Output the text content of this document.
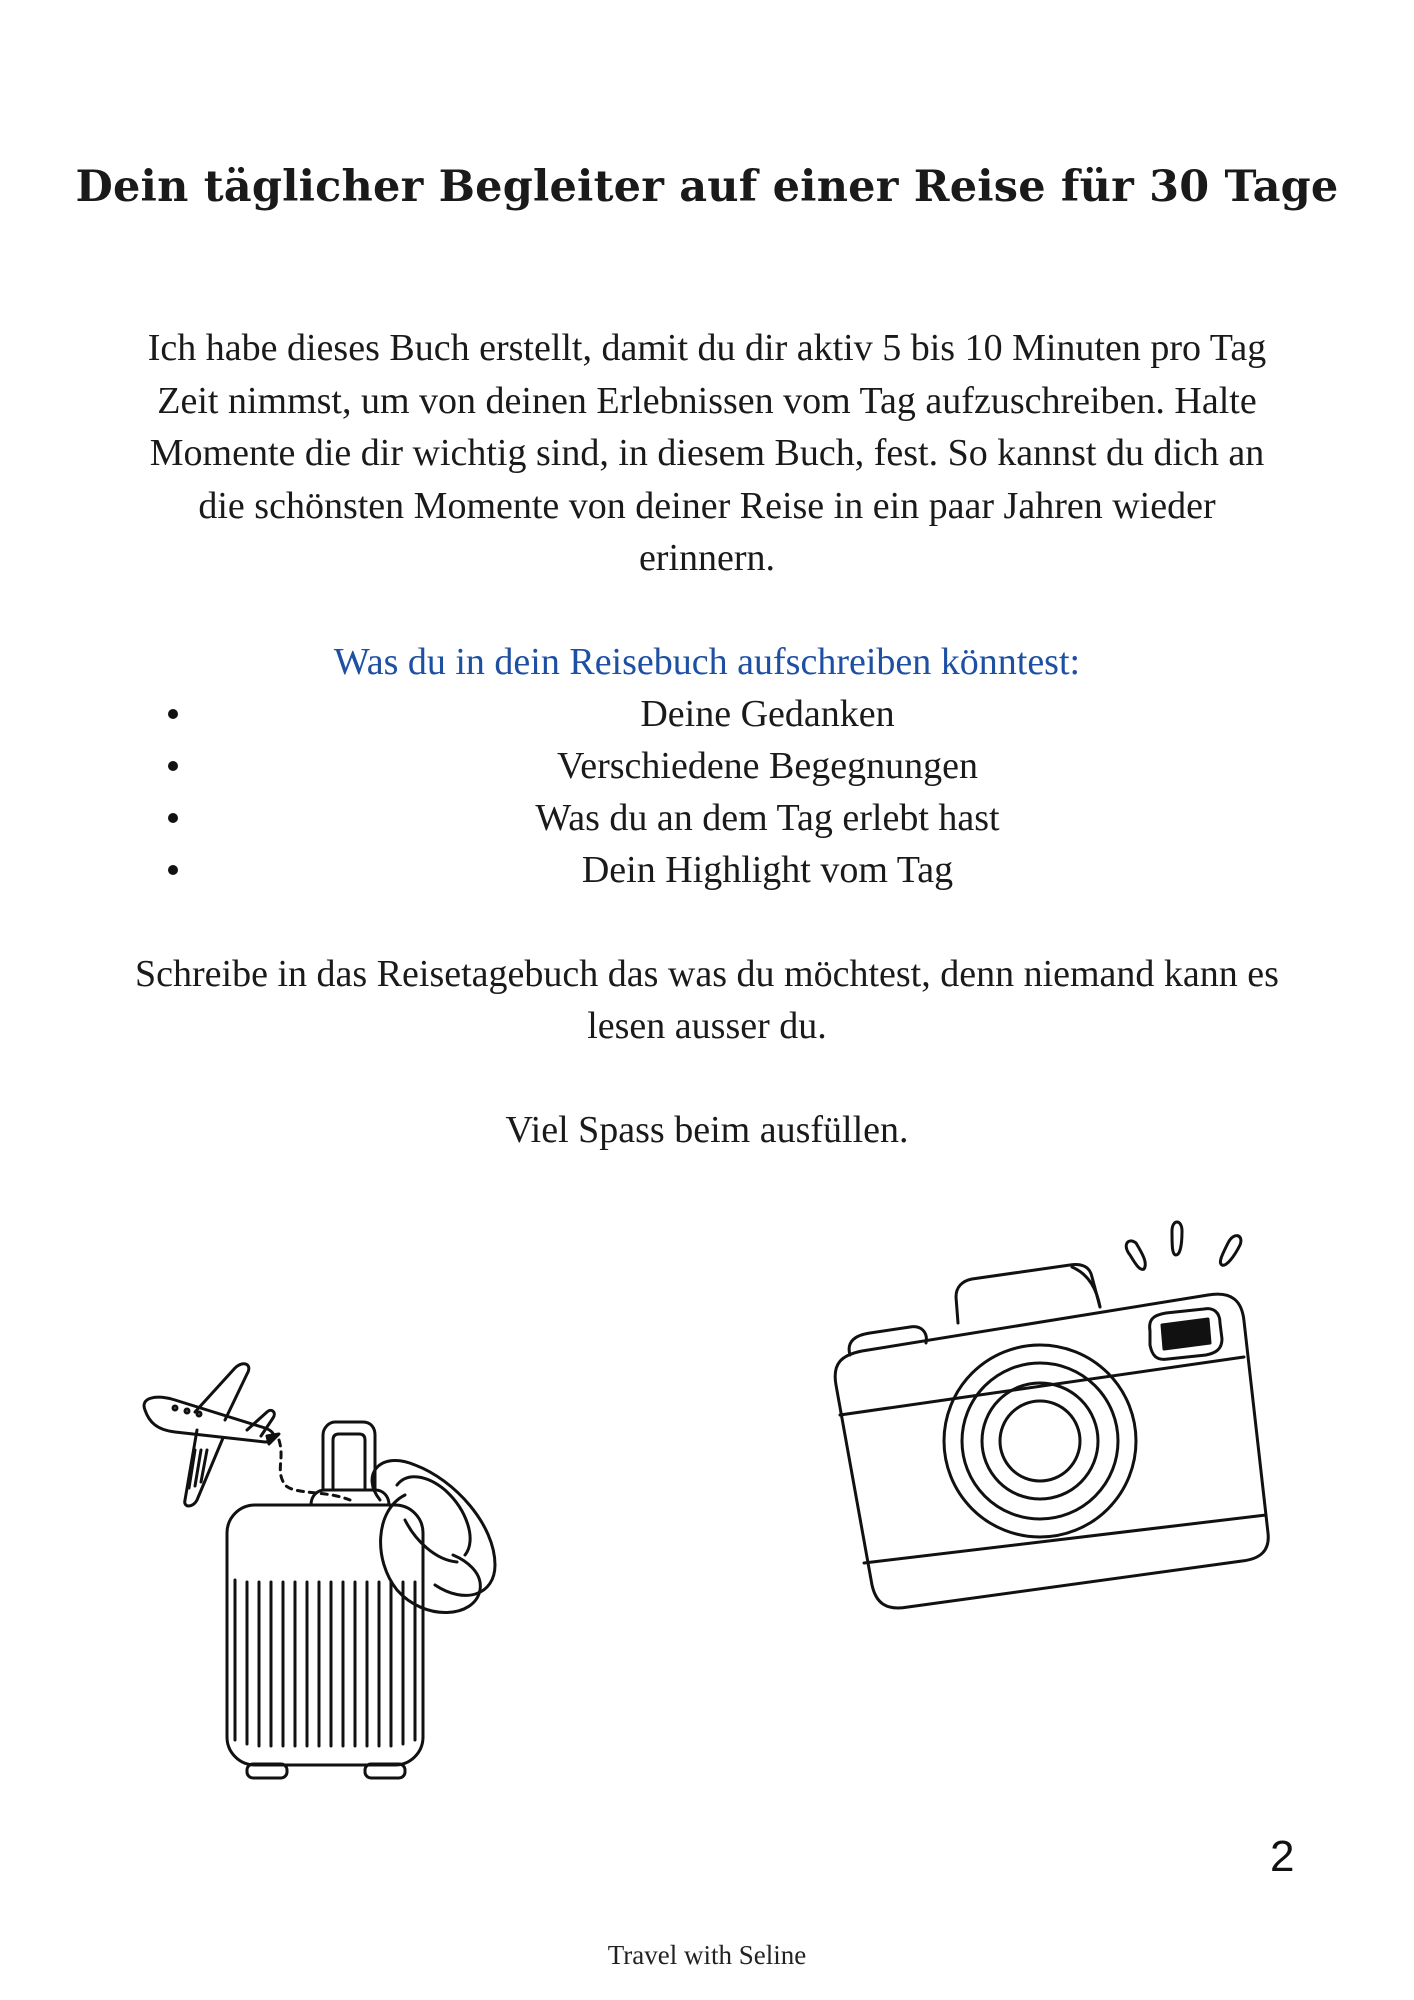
Dein täglicher Begleiter auf einer Reise für 30 Tage

Ich habe dieses Buch erstellt, damit du dir aktiv 5 bis 10 Minuten pro Tag Zeit nimmst, um von deinen Erlebnissen vom Tag aufzuschreiben. Halte Momente die dir wichtig sind, in diesem Buch, fest. So kannst du dich an die schönsten Momente von deiner Reise in ein paar Jahren wieder erinnern.

Was du in dein Reisebuch aufschreiben könntest:

Deine Gedanken
Verschiedene Begegnungen
Was du an dem Tag erlebt hast
Dein Highlight vom Tag

Schreibe in das Reisetagebuch das was du möchtest, denn niemand kann es lesen ausser du.

Viel Spass beim ausfüllen.

2
Travel with Seline
